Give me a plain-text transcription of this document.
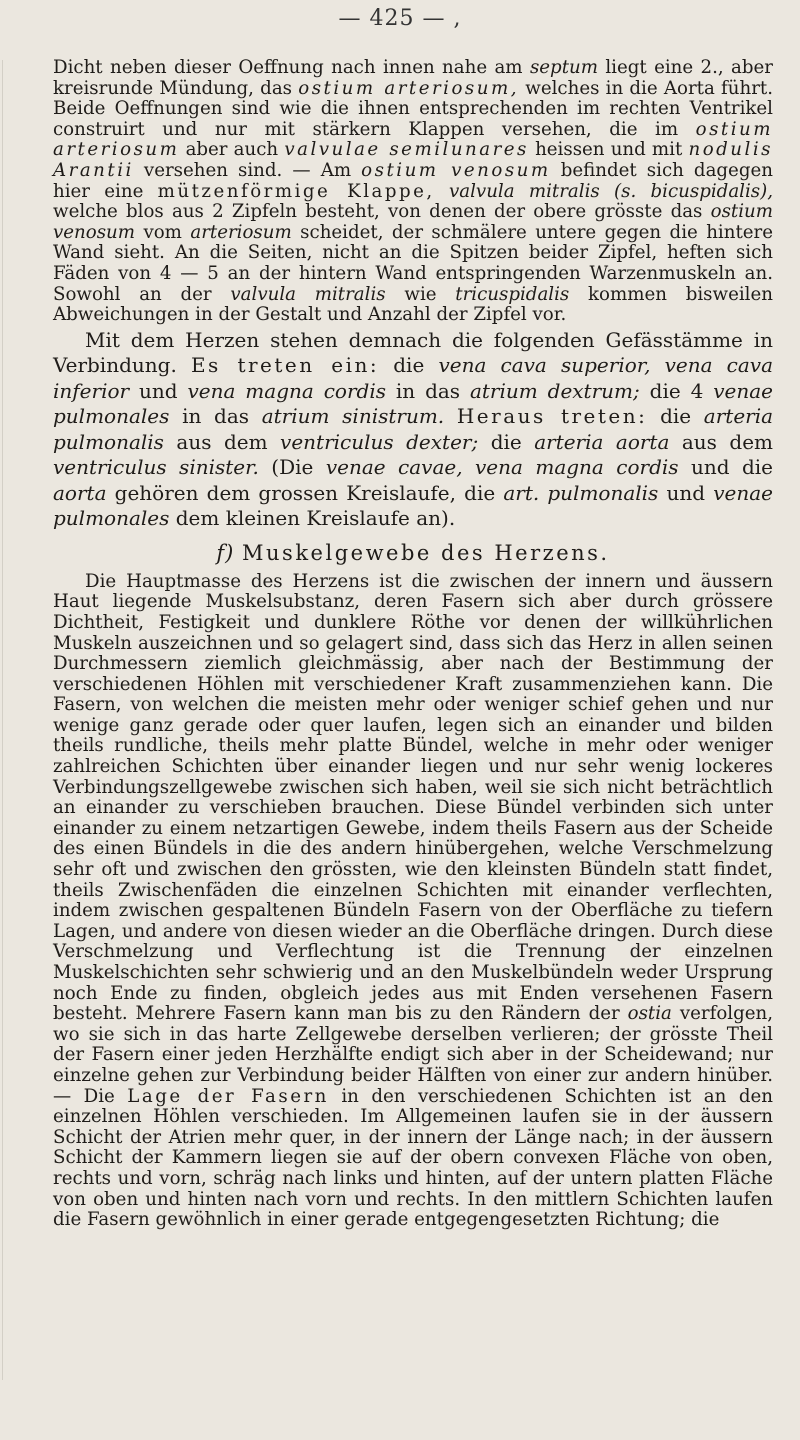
— 425 — ,

Dicht neben dieser Oeffnung nach innen nahe am septum liegt eine 2., aber kreisrunde Mündung, das ostium arteriosum, welches in die Aorta führt. Beide Oeffnungen sind wie die ihnen entsprechenden im rechten Ventrikel construirt und nur mit stärkern Klappen versehen, die im ostium arteriosum aber auch valvulae semilunares heissen und mit nodulis Arantii versehen sind. — Am ostium venosum befindet sich dagegen hier eine mützenförmige Klappe, valvula mitralis (s. bicuspidalis), welche blos aus 2 Zipfeln besteht, von denen der obere grösste das ostium venosum vom arteriosum scheidet, der schmälere untere gegen die hintere Wand sieht. An die Seiten, nicht an die Spitzen beider Zipfel, heften sich Fäden von 4 — 5 an der hintern Wand entspringenden Warzenmuskeln an. Sowohl an der valvula mitralis wie tricuspidalis kommen bisweilen Abweichungen in der Gestalt und Anzahl der Zipfel vor.

Mit dem Herzen stehen demnach die folgenden Gefässtämme in Verbindung. Es treten ein: die vena cava superior, vena cava inferior und vena magna cordis in das atrium dextrum; die 4 venae pulmonales in das atrium sinistrum. Heraus treten: die arteria pulmonalis aus dem ventriculus dexter; die arteria aorta aus dem ventriculus sinister. (Die venae cavae, vena magna cordis und die aorta gehören dem grossen Kreislaufe, die art. pulmonalis und venae pulmonales dem kleinen Kreislaufe an).

f) Muskelgewebe des Herzens.

Die Hauptmasse des Herzens ist die zwischen der innern und äussern Haut liegende Muskelsubstanz, deren Fasern sich aber durch grössere Dichtheit, Festigkeit und dunklere Röthe vor denen der willkührlichen Muskeln auszeichnen und so gelagert sind, dass sich das Herz in allen seinen Durchmessern ziemlich gleichmässig, aber nach der Bestimmung der verschiedenen Höhlen mit verschiedener Kraft zusammenziehen kann. Die Fasern, von welchen die meisten mehr oder weniger schief gehen und nur wenige ganz gerade oder quer laufen, legen sich an einander und bilden theils rundliche, theils mehr platte Bündel, welche in mehr oder weniger zahlreichen Schichten über einander liegen und nur sehr wenig lockeres Verbindungszellgewebe zwischen sich haben, weil sie sich nicht beträchtlich an einander zu verschieben brauchen. Diese Bündel verbinden sich unter einander zu einem netzartigen Gewebe, indem theils Fasern aus der Scheide des einen Bündels in die des andern hinübergehen, welche Verschmelzung sehr oft und zwischen den grössten, wie den kleinsten Bündeln statt findet, theils Zwischenfäden die einzelnen Schichten mit einander verflechten, indem zwischen gespaltenen Bündeln Fasern von der Oberfläche zu tiefern Lagen, und andere von diesen wieder an die Oberfläche dringen. Durch diese Verschmelzung und Verflechtung ist die Trennung der einzelnen Muskelschichten sehr schwierig und an den Muskelbündeln weder Ursprung noch Ende zu finden, obgleich jedes aus mit Enden versehenen Fasern besteht. Mehrere Fasern kann man bis zu den Rändern der ostia verfolgen, wo sie sich in das harte Zellgewebe derselben verlieren; der grösste Theil der Fasern einer jeden Herzhälfte endigt sich aber in der Scheidewand; nur einzelne gehen zur Verbindung beider Hälften von einer zur andern hinüber. — Die Lage der Fasern in den verschiedenen Schichten ist an den einzelnen Höhlen verschieden. Im Allgemeinen laufen sie in der äussern Schicht der Atrien mehr quer, in der innern der Länge nach; in der äussern Schicht der Kammern liegen sie auf der obern convexen Fläche von oben, rechts und vorn, schräg nach links und hinten, auf der untern platten Fläche von oben und hinten nach vorn und rechts. In den mittlern Schichten laufen die Fasern gewöhnlich in einer gerade entgegengesetzten Richtung; die
